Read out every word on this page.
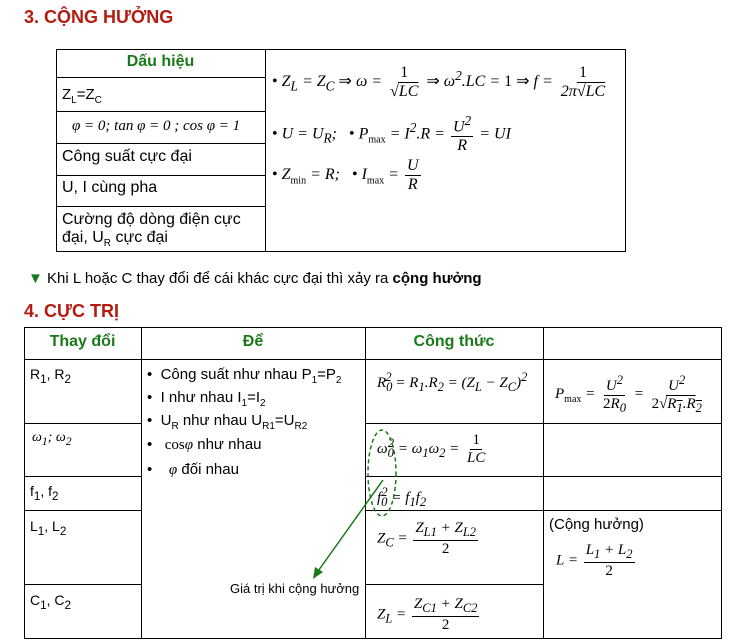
3. CỘNG HƯỞNG
Dấu hiệu
$Z_L=Z_C$
φ = 0; tan φ = 0 ; cos φ = 1
Công suất cực đại
U, I cùng pha
Cường độ dòng điện cực
đại, $U_R$ cực đại
• $Z_L = Z_C$ ⇒ $\omega = \frac{1}{√LC}$ ⇒ $\omega^2.LC = 1$ ⇒ $f = \frac{1}{2\pi√LC}$
• $U = U_R$;   • $P_{max} = I^2.R = \frac{U^2}{R}$ = UI
• $Z_{min} = R$;   • $I_{max} = \frac{U}{R}$
▼ Khi L hoặc C thay đổi để cái khác cực đại thì xảy ra cộng hưởng
4. CỰC TRỊ
Thay đổi	Để	Công thức
$R_1$, $R_2$
$\omega_1$; $\omega_2$
$f_1$, $f_2$
$L_1$, $L_2$
$C_1$, $C_2$
•  Công suất như nhau $P_1=P_2$
•  I như nhau $I_1=I_2$
•  $U_R$ như nhau $U_{R1}=U_{R2}$
•   cosφ như nhau
•    φ đối nhau
$R_0^2 = R_1.R_2 = (Z_L - Z_C)^2$
$P_{max} = \frac{U^2}{2R_0} = \frac{U^2}{2√R_1.R_2}$
$\omega_0^2 = \omega_1\omega_2 = \frac{1}{LC}$
$f_0^2 = f_1f_2$
$Z_C = \frac{Z_{L1} + Z_{L2}}{2}$
$Z_L = \frac{Z_{C1} + Z_{C2}}{2}$
(Cộng hưởng)
$L = \frac{L_1 + L_2}{2}$
Giá trị khi cộng hưởng
